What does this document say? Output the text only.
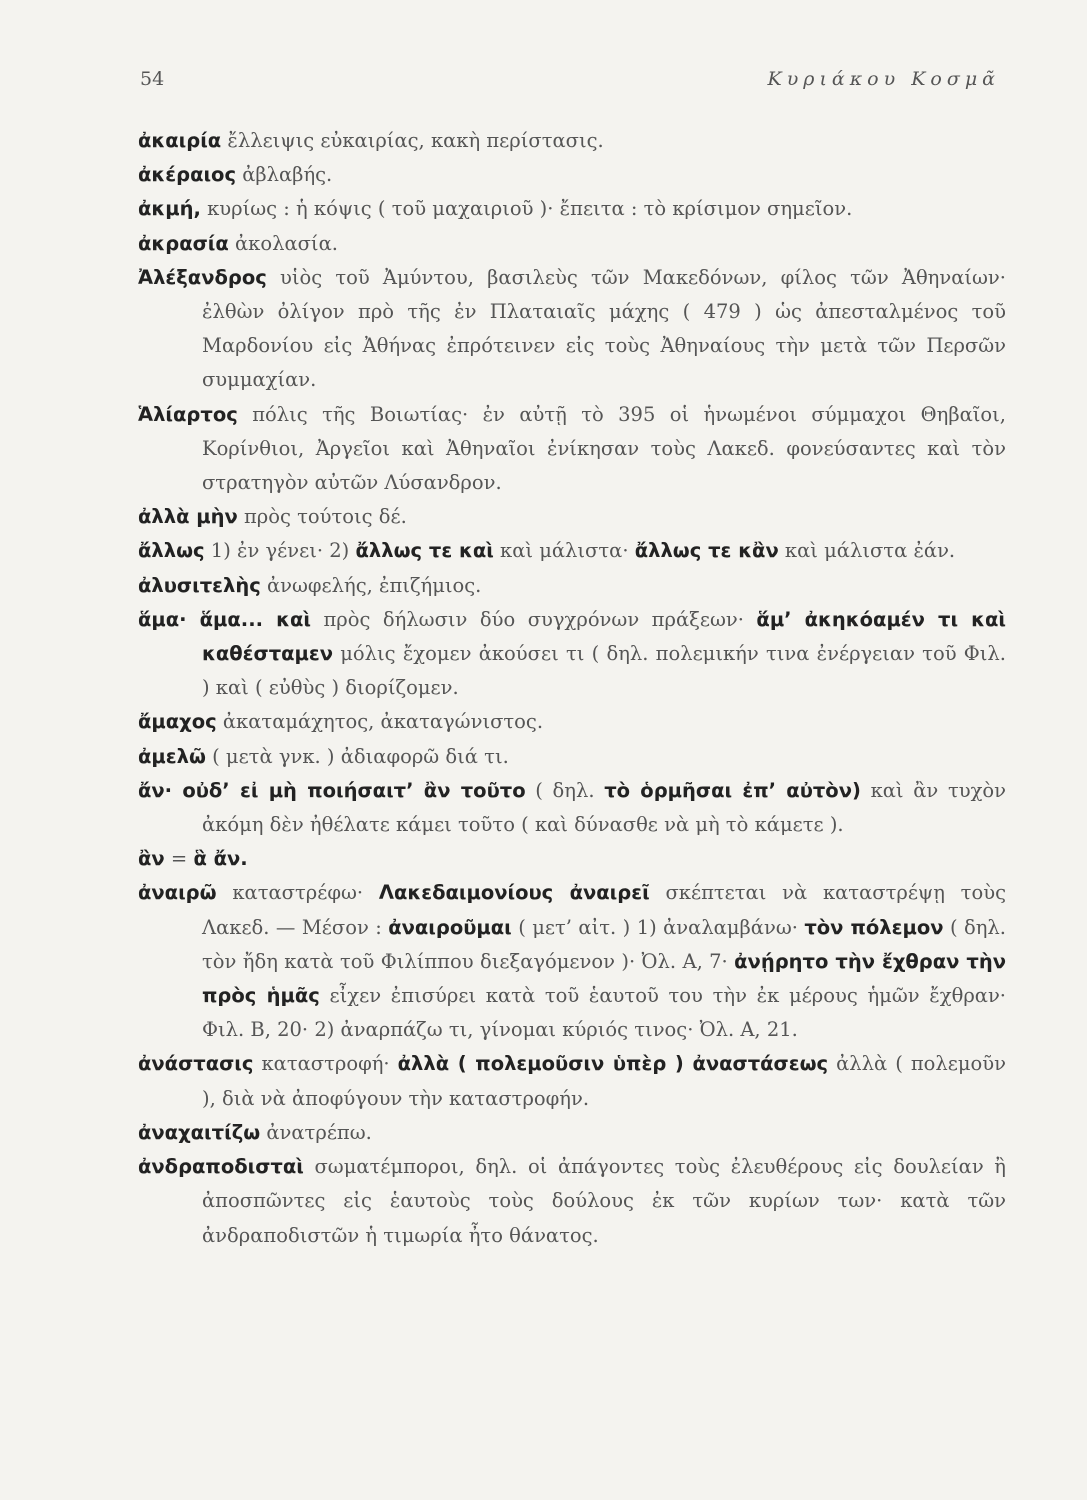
54	Κυριάκου Κοσμᾶ

ἀκαιρία ἔλλειψις εὐκαιρίας, κακὴ περίστασις.

ἀκέραιος ἀβλαβής.

ἀκμή, κυρίως : ἡ κόψις ( τοῦ μαχαιριοῦ )· ἔπειτα : τὸ κρίσιμον σημεῖον.

ἀκρασία ἀκολασία.

Ἀλέξανδρος υἱὸς τοῦ Ἀμύντου, βασιλεὺς τῶν Μακεδόνων, φίλος τῶν Ἀθηναίων· ἐλθὼν ὀλίγον πρὸ τῆς ἐν Πλαταιαῖς μάχης ( 479 ) ὡς ἀπεσταλμένος τοῦ Μαρδονίου εἰς Ἀθήνας ἐπρότεινεν εἰς τοὺς Ἀθηναίους τὴν μετὰ τῶν Περσῶν συμμαχίαν.

Ἁλίαρτος πόλις τῆς Βοιωτίας· ἐν αὐτῇ τὸ 395 οἱ ἡνωμένοι σύμμαχοι Θηβαῖοι, Κορίνθιοι, Ἀργεῖοι καὶ Ἀθηναῖοι ἐνίκησαν τοὺς Λακεδ. φονεύσαντες καὶ τὸν στρατηγὸν αὐτῶν Λύσανδρον.

ἀλλὰ μὴν πρὸς τούτοις δέ.

ἄλλως 1) ἐν γένει· 2) ἄλλως τε καὶ καὶ μάλιστα· ἄλλως τε κἂν καὶ μάλιστα ἐάν.

ἀλυσιτελὴς ἀνωφελής, ἐπιζήμιος.

ἅμα· ἅμα... καὶ πρὸς δήλωσιν δύο συγχρόνων πράξεων· ἅμ’ ἀκηκόαμέν τι καὶ καθέσταμεν μόλις ἔχομεν ἀκούσει τι ( δηλ. πολεμικήν τινα ἐνέργειαν τοῦ Φιλ. ) καὶ ( εὐθὺς ) διορίζομεν.

ἄμαχος ἀκαταμάχητος, ἀκαταγώνιστος.

ἀμελῶ ( μετὰ γνκ. ) ἀδιαφορῶ διά τι.

ἄν· οὐδ’ εἰ μὴ ποιήσαιτ’ ἂν τοῦτο ( δηλ. τὸ ὁρμῆσαι ἐπ’ αὐτὸν) καὶ ἂν τυχὸν ἀκόμη δὲν ἠθέλατε κάμει τοῦτο ( καὶ δύνασθε νὰ μὴ τὸ κάμετε ).

ἂν = ἃ ἄν.

ἀναιρῶ καταστρέφω· Λακεδαιμονίους ἀναιρεῖ σκέπτεται νὰ καταστρέψῃ τοὺς Λακεδ. — Μέσον : ἀναιροῦμαι ( μετ’ αἰτ. ) 1) ἀναλαμβάνω· τὸν πόλεμον ( δηλ. τὸν ἤδη κατὰ τοῦ Φιλίππου διεξαγόμενον )· Ὀλ. Α, 7· ἀνῄρητο τὴν ἔχθραν τὴν πρὸς ἡμᾶς εἶχεν ἐπισύρει κατὰ τοῦ ἑαυτοῦ του τὴν ἐκ μέρους ἡμῶν ἔχθραν· Φιλ. Β, 20· 2) ἀναρπάζω τι, γίνομαι κύριός τινος· Ὀλ. Α, 21.

ἀνάστασις καταστροφή· ἀλλὰ ( πολεμοῦσιν ὑπὲρ ) ἀναστάσεως ἀλλὰ ( πολεμοῦν ), διὰ νὰ ἀποφύγουν τὴν καταστροφήν.

ἀναχαιτίζω ἀνατρέπω.

ἀνδραποδισταὶ σωματέμποροι, δηλ. οἱ ἀπάγοντες τοὺς ἐλευθέρους εἰς δουλείαν ἢ ἀποσπῶντες εἰς ἑαυτοὺς τοὺς δούλους ἐκ τῶν κυρίων των· κατὰ τῶν ἀνδραποδιστῶν ἡ τιμωρία ἦτο θάνατος.
